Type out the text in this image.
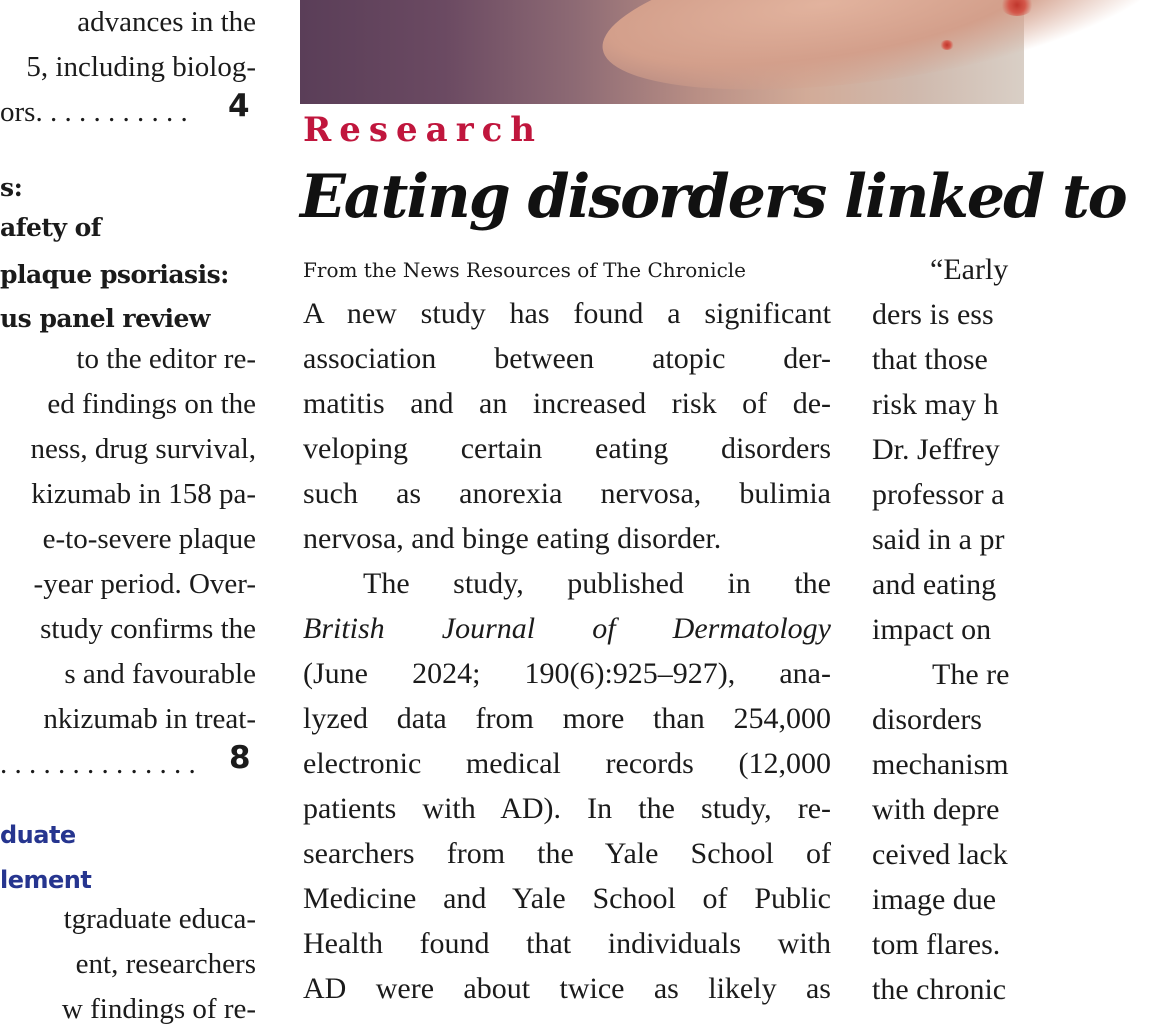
advances in the
5, including biolog-
ors. . . . . . . . . . .	4
s:
afety of
plaque psoriasis:
us panel review
to the editor re-
ed findings on the
ness, drug survival,
kizumab in 158 pa-
e-to-severe plaque
-year period. Over-
study confirms the
s and favourable
nkizumab in treat-
. . . . . . . . . . . . . .	8
duate
lement
tgraduate educa-
ent, researchers
w findings of re-
Research
Eating disorders linked to
From the News Resources of The Chronicle
A new study has found a significant
association between atopic der-
matitis and an increased risk of de-
veloping certain eating disorders
such as anorexia nervosa, bulimia
nervosa, and binge eating disorder.
The study, published in the
British Journal of Dermatology
(June 2024; 190(6):925–927), ana-
lyzed data from more than 254,000
electronic medical records (12,000
patients with AD). In the study, re-
searchers from the Yale School of
Medicine and Yale School of Public
Health found that individuals with
AD were about twice as likely as
“Early
ders is ess
that those
risk may h
Dr. Jeffrey
professor a
said in a pr
and eating
impact on
The re
disorders
mechanism
with depre
ceived lack
image due
tom flares.
the chronic
